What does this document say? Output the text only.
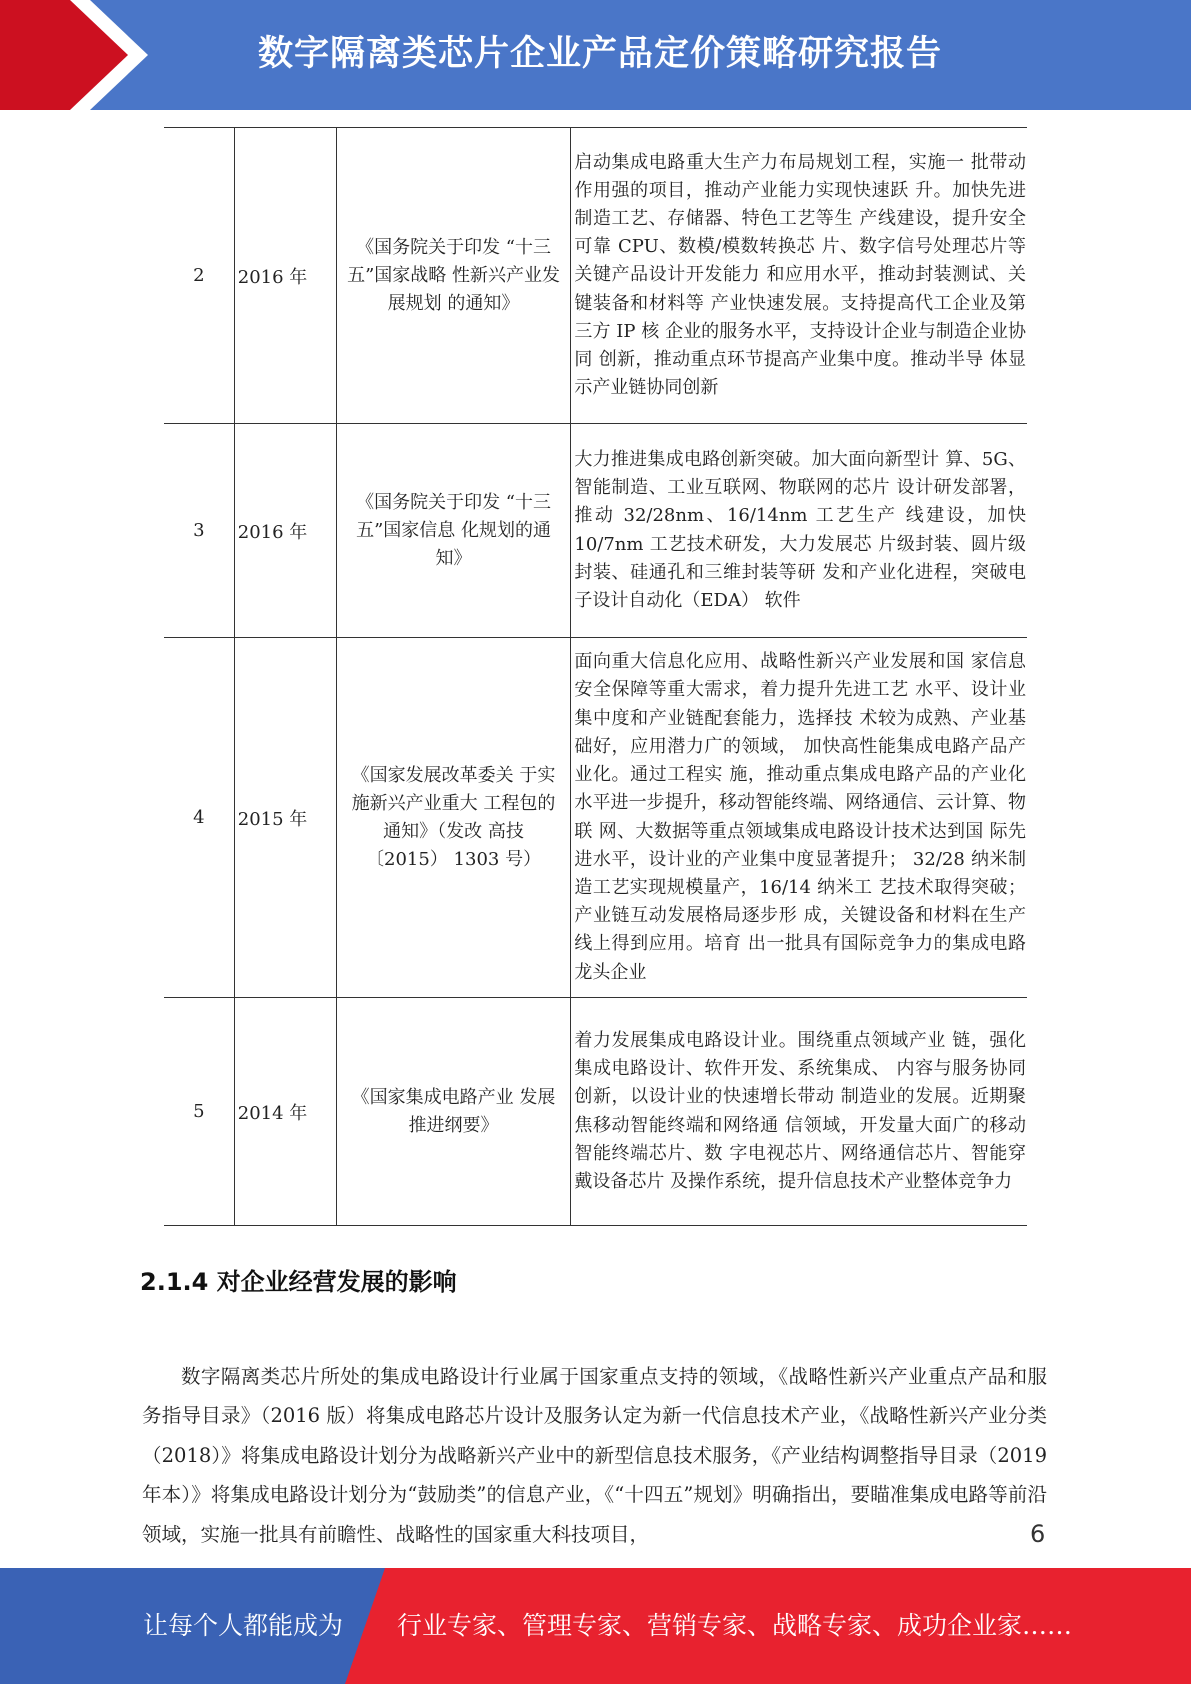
数字隔离类芯片企业产品定价策略研究报告
2	2016 年	《国务院关于印发 “十三五”国家战略 性新兴产业发展规划 的通知》	启动集成电路重大生产力布局规划工程，实施一 批带动作用强的项目，推动产业能力实现快速跃 升。加快先进制造工艺、存储器、特色工艺等生 产线建设，提升安全可靠 CPU、数模/模数转换芯 片、数字信号处理芯片等关键产品设计开发能力 和应用水平，推动封装测试、关键装备和材料等 产业快速发展。支持提高代工企业及第三方 IP 核 企业的服务水平，支持设计企业与制造企业协同 创新，推动重点环节提高产业集中度。推动半导 体显示产业链协同创新
3	2016 年	《国务院关于印发 “十三五”国家信息 化规划的通知》	大力推进集成电路创新突破。加大面向新型计 算、5G、智能制造、工业互联网、物联网的芯片 设计研发部署，推动 32/28nm、16/14nm 工艺生产 线建设，加快 10/7nm 工艺技术研发，大力发展芯 片级封装、圆片级封装、硅通孔和三维封装等研 发和产业化进程，突破电子设计自动化（EDA） 软件
4	2015 年	《国家发展改革委关 于实施新兴产业重大 工程包的通知》（发改 高技〔2015） 1303 号）	面向重大信息化应用、战略性新兴产业发展和国 家信息安全保障等重大需求，着力提升先进工艺 水平、设计业集中度和产业链配套能力，选择技 术较为成熟、产业基础好，应用潜力广的领域， 加快高性能集成电路产品产业化。通过工程实 施，推动重点集成电路产品的产业化水平进一步提升，移动智能终端、网络通信、云计算、物联 网、大数据等重点领域集成电路设计技术达到国 际先进水平，设计业的产业集中度显著提升； 32/28 纳米制造工艺实现规模量产，16/14 纳米工 艺技术取得突破；产业链互动发展格局逐步形 成，关键设备和材料在生产线上得到应用。培育 出一批具有国际竞争力的集成电路龙头企业
5	2014 年	《国家集成电路产业 发展推进纲要》	着力发展集成电路设计业。围绕重点领域产业 链，强化集成电路设计、软件开发、系统集成、 内容与服务协同创新，以设计业的快速增长带动 制造业的发展。近期聚焦移动智能终端和网络通 信领域，开发量大面广的移动智能终端芯片、数 字电视芯片、网络通信芯片、智能穿戴设备芯片 及操作系统，提升信息技术产业整体竞争力
2.1.4 对企业经营发展的影响

数字隔离类芯片所处的集成电路设计行业属于国家重点支持的领域，《战略性新兴产业重点产品和服务指导目录》（2016 版）将集成电路芯片设计及服务认定为新一代信息技术产业，《战略性新兴产业分类（2018）》将集成电路设计划分为战略新兴产业中的新型信息技术服务，《产业结构调整指导目录（2019 年本）》将集成电路设计划分为“鼓励类”的信息产业，《“十四五”规划》明确指出，要瞄准集成电路等前沿领域，实施一批具有前瞻性、战略性的国家重大科技项目，	6
让每个人都能成为 行业专家、管理专家、营销专家、战略专家、成功企业家……
